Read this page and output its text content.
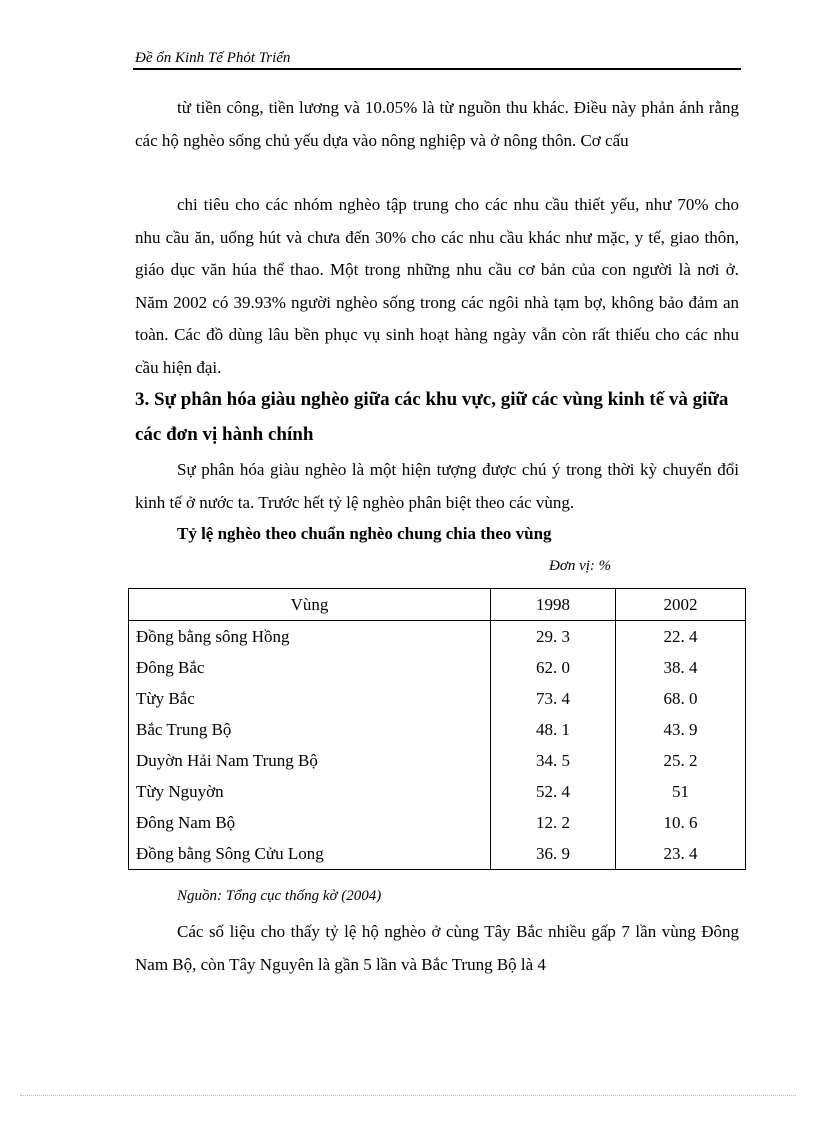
Đề ổn Kinh Tế Phỏt Triển

từ tiền công, tiền lương và 10.05% là từ nguồn thu khác. Điều này phản ánh rằng các hộ nghèo sống chủ yếu dựa vào nông nghiệp và ở nông thôn. Cơ cấu

chi tiêu cho các nhóm nghèo tập trung cho các nhu cầu thiết yếu, như 70% cho nhu cầu ăn, uống hút và chưa đến 30% cho các nhu cầu khác như mặc, y tế, giao thôn, giáo dục văn húa thể thao. Một trong những nhu cầu cơ bản của con người là nơi ở. Năm 2002 có 39.93% người nghèo sống trong các ngôi nhà tạm bợ, không bảo đảm an toàn. Các đồ dùng lâu bền phục vụ sinh hoạt hàng ngày vẫn còn rất thiếu cho các nhu cầu hiện đại.

3. Sự phân hóa giàu nghèo giữa các khu vực, giữ các vùng kinh tế và giữa các đơn vị hành chính

Sự phân hóa giàu nghèo là một hiện tượng được chú ý trong thời kỳ chuyển đổi kinh tế ở nước ta. Trước hết tỷ lệ nghèo phân biệt theo các vùng.

Tỷ lệ nghèo theo chuẩn nghèo chung chia theo vùng
Đơn vị: %
Vùng	1998	2002
Đồng bằng sông Hồng	29. 3	22. 4
Đông Bắc	62. 0	38. 4
Từy Bắc	73. 4	68. 0
Bắc Trung Bộ	48. 1	43. 9
Duyờn Hải Nam Trung Bộ	34. 5	25. 2
Từy Nguyờn	52. 4	51
Đông Nam Bộ	12. 2	10. 6
Đồng bằng Sông Cửu Long	36. 9	23. 4
Nguồn: Tổng cục thống kờ (2004)

Các số liệu cho thấy tỷ lệ hộ nghèo ở cùng Tây Bắc nhiều gấp 7 lần vùng Đông Nam Bộ, còn Tây Nguyên là gần 5 lần và Bắc Trung Bộ là 4
